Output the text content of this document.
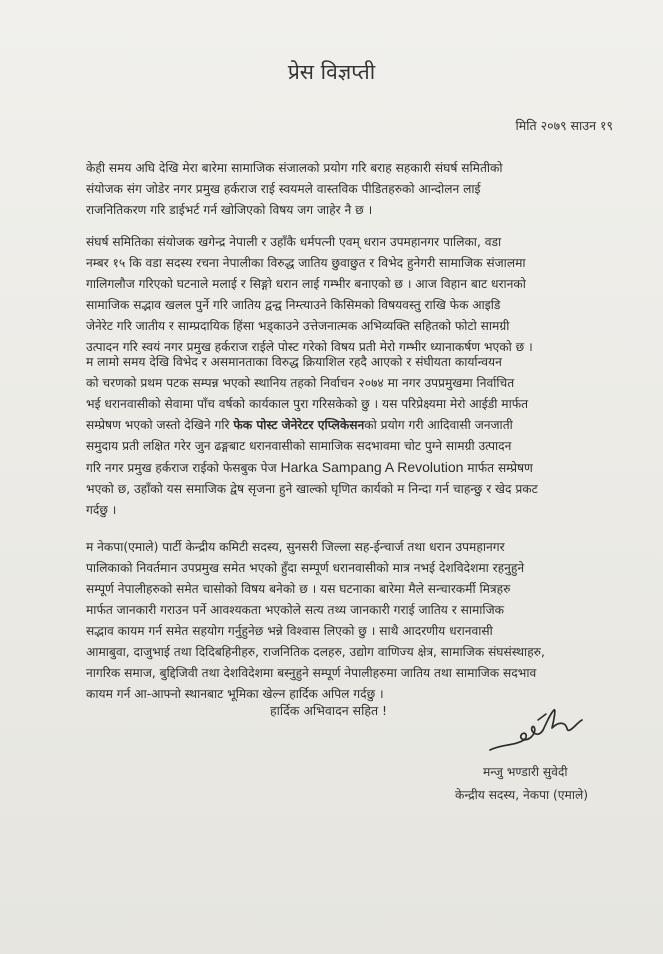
प्रेस विज्ञप्ती
मिति २०७९ साउन १९
केही समय अघि देखि मेरा बारेमा सामाजिक संजालको प्रयोग गरि बराह सहकारी संघर्ष समितीको
संयोजक संग जोडेर नगर प्रमुख हर्कराज राई स्वयमले वास्तविक पीडितहरुको आन्दोलन लाई
राजनितिकरण गरि डाईभर्ट गर्न खोजिएको विषय जग जाहेर नै छ ।
संघर्ष समितिका संयोजक खगेन्द्र नेपाली र उहाँकै धर्मपत्नी एवम् धरान उपमहानगर पालिका, वडा
नम्बर १५ कि वडा सदस्य रचना नेपालीका विरुद्ध जातिय छुवाछुत र विभेद हुनेगरी सामाजिक संजालमा
गालिगलौज गरिएको घटनाले मलाई र सिङ्गो धरान लाई गम्भीर बनाएको छ । आज विहान बाट धरानको
सामाजिक सद्भाव खलल पुर्ने गरि जातिय द्वन्द्व निम्त्याउने किसिमको विषयवस्तु राखि फेक आइडि
जेनेरेट गरि जातीय र साम्प्रदायिक हिंसा भड्काउने उत्तेजनात्मक अभिव्यक्ति सहितको फोटो सामग्री
उत्पादन गरि स्वयं नगर प्रमुख हर्कराज राईले पोस्ट गरेको विषय प्रती मेरो गम्भीर ध्यानाकर्षण भएको छ ।
म लामो समय देखि विभेद र असमानताका विरुद्ध क्रियाशिल रहदै आएको र संघीयता कार्यान्वयन
को चरणको प्रथम पटक सम्पन्न भएको स्थानिय तहको निर्वाचन २०७४ मा नगर उपप्रमुखमा निर्वाचित
भई धरानवासीको सेवामा पाँच वर्षको कार्यकाल पुरा गरिसकेको छु । यस परिप्रेक्ष्यमा मेरो आईडी मार्फत
सम्प्रेषण भएको जस्तो देखिने गरि फेक पोस्ट जेनेरेटर एप्लिकेसनको प्रयोग गरी आदिवासी जनजाती
समुदाय प्रती लक्षित गरेर जुन ढङ्गबाट धरानवासीको सामाजिक सदभावमा चोट पुग्ने सामग्री उत्पादन
गरि नगर प्रमुख हर्कराज राईको फेसबुक पेज Harka Sampang A Revolution मार्फत सम्प्रेषण
भएको छ, उहाँको यस समाजिक द्वेष सृजना हुने खाल्को घृणित कार्यको म निन्दा गर्न चाहन्छु र खेद प्रकट
गर्दछु ।
म नेकपा(एमाले) पार्टी केन्द्रीय कमिटी सदस्य, सुनसरी जिल्ला सह-ईन्चार्ज तथा धरान उपमहानगर
पालिकाको निवर्तमान उपप्रमुख समेत भएको हुँदा सम्पूर्ण धरानवासीको मात्र नभई देशविदेशमा रहनुहुने
सम्पूर्ण नेपालीहरुको समेत चासोको विषय बनेको छ । यस घटनाका बारेमा मैले सन्चारकर्मी मित्रहरु
मार्फत जानकारी गराउन पर्ने आवश्यकता भएकोले सत्य तथ्य जानकारी गराई जातिय र सामाजिक
सद्भाव कायम गर्न समेत सहयोग गर्नुहुनेछ भन्ने विश्वास लिएको छु । साथै आदरणीय धरानवासी
आमाबुवा, दाजुभाई तथा दिदिबहिनीहरु, राजनितिक दलहरु, उद्योग वाणिज्य क्षेत्र, सामाजिक संघसंस्थाहरु,
नागरिक समाज, बुद्दिजिवी तथा देशविदेशमा बस्नुहुने सम्पूर्ण नेपालीहरुमा जातिय तथा सामाजिक सदभाव
कायम गर्न आ-आफ्नो स्थानबाट भूमिका खेल्न हार्दिक अपिल गर्दछु ।
हार्दिक अभिवादन सहित !
मन्जु भण्डारी सुवेदी
केन्द्रीय सदस्य, नेकपा (एमाले)
